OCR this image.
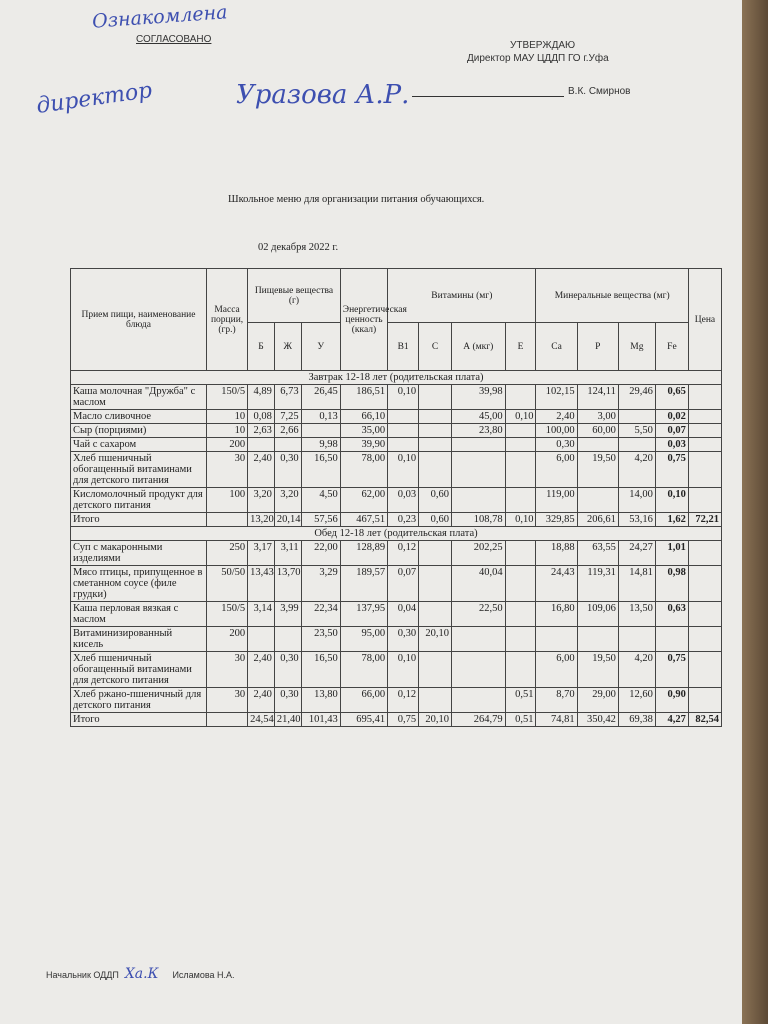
Ознакомлена
СОГЛАСОВАНО
директор	Уразова А.Р.
УТВЕРЖДАЮ
Директор МАУ ЦДДП ГО г.Уфа
В.К. Смирнов
Школьное меню для организации питания обучающихся.
02 декабря 2022 г.
Прием пищи, наименование блюда	Масса порции, (гр.)	Пищевые вещества (г)			Энергетическая ценность (ккал)	Витамины (мг)				Минеральные вещества (мг)				Цена
		Б	Ж	У		B1	C	А (мкг)	Е	Ca	P	Mg	Fe	
Завтрак 12-18 лет (родительская плата)														
Каша молочная "Дружба" с маслом	150/5	4,89	6,73	26,45	186,51	0,10		39,98		102,15	124,11	29,46	0,65	
Масло сливочное	10	0,08	7,25	0,13	66,10			45,00	0,10	2,40	3,00		0,02	
Сыр (порциями)	10	2,63	2,66		35,00			23,80		100,00	60,00	5,50	0,07	
Чай с сахаром	200			9,98	39,90					0,30			0,03	
Хлеб пшеничный обогащенный витаминами для детского питания	30	2,40	0,30	16,50	78,00	0,10				6,00	19,50	4,20	0,75	
Кисломолочный продукт для детского питания	100	3,20	3,20	4,50	62,00	0,03	0,60			119,00		14,00	0,10	
Итого		13,20	20,14	57,56	467,51	0,23	0,60	108,78	0,10	329,85	206,61	53,16	1,62	72,21
Обед 12-18 лет (родительская плата)														
Суп с макаронными изделиями	250	3,17	3,11	22,00	128,89	0,12		202,25		18,88	63,55	24,27	1,01	
Мясо птицы, припущенное в сметанном соусе (филе грудки)	50/50	13,43	13,70	3,29	189,57	0,07		40,04		24,43	119,31	14,81	0,98	
Каша перловая вязкая с маслом	150/5	3,14	3,99	22,34	137,95	0,04		22,50		16,80	109,06	13,50	0,63	
Витаминизированный кисель	200			23,50	95,00	0,30	20,10							
Хлеб пшеничный обогащенный витаминами для детского питания	30	2,40	0,30	16,50	78,00	0,10				6,00	19,50	4,20	0,75	
Хлеб ржано-пшеничный для детского питания	30	2,40	0,30	13,80	66,00	0,12			0,51	8,70	29,00	12,60	0,90	
Итого		24,54	21,40	101,43	695,41	0,75	20,10	264,79	0,51	74,81	350,42	69,38	4,27	82,54
Начальник ОДДП Ха.К Исламова Н.А.
